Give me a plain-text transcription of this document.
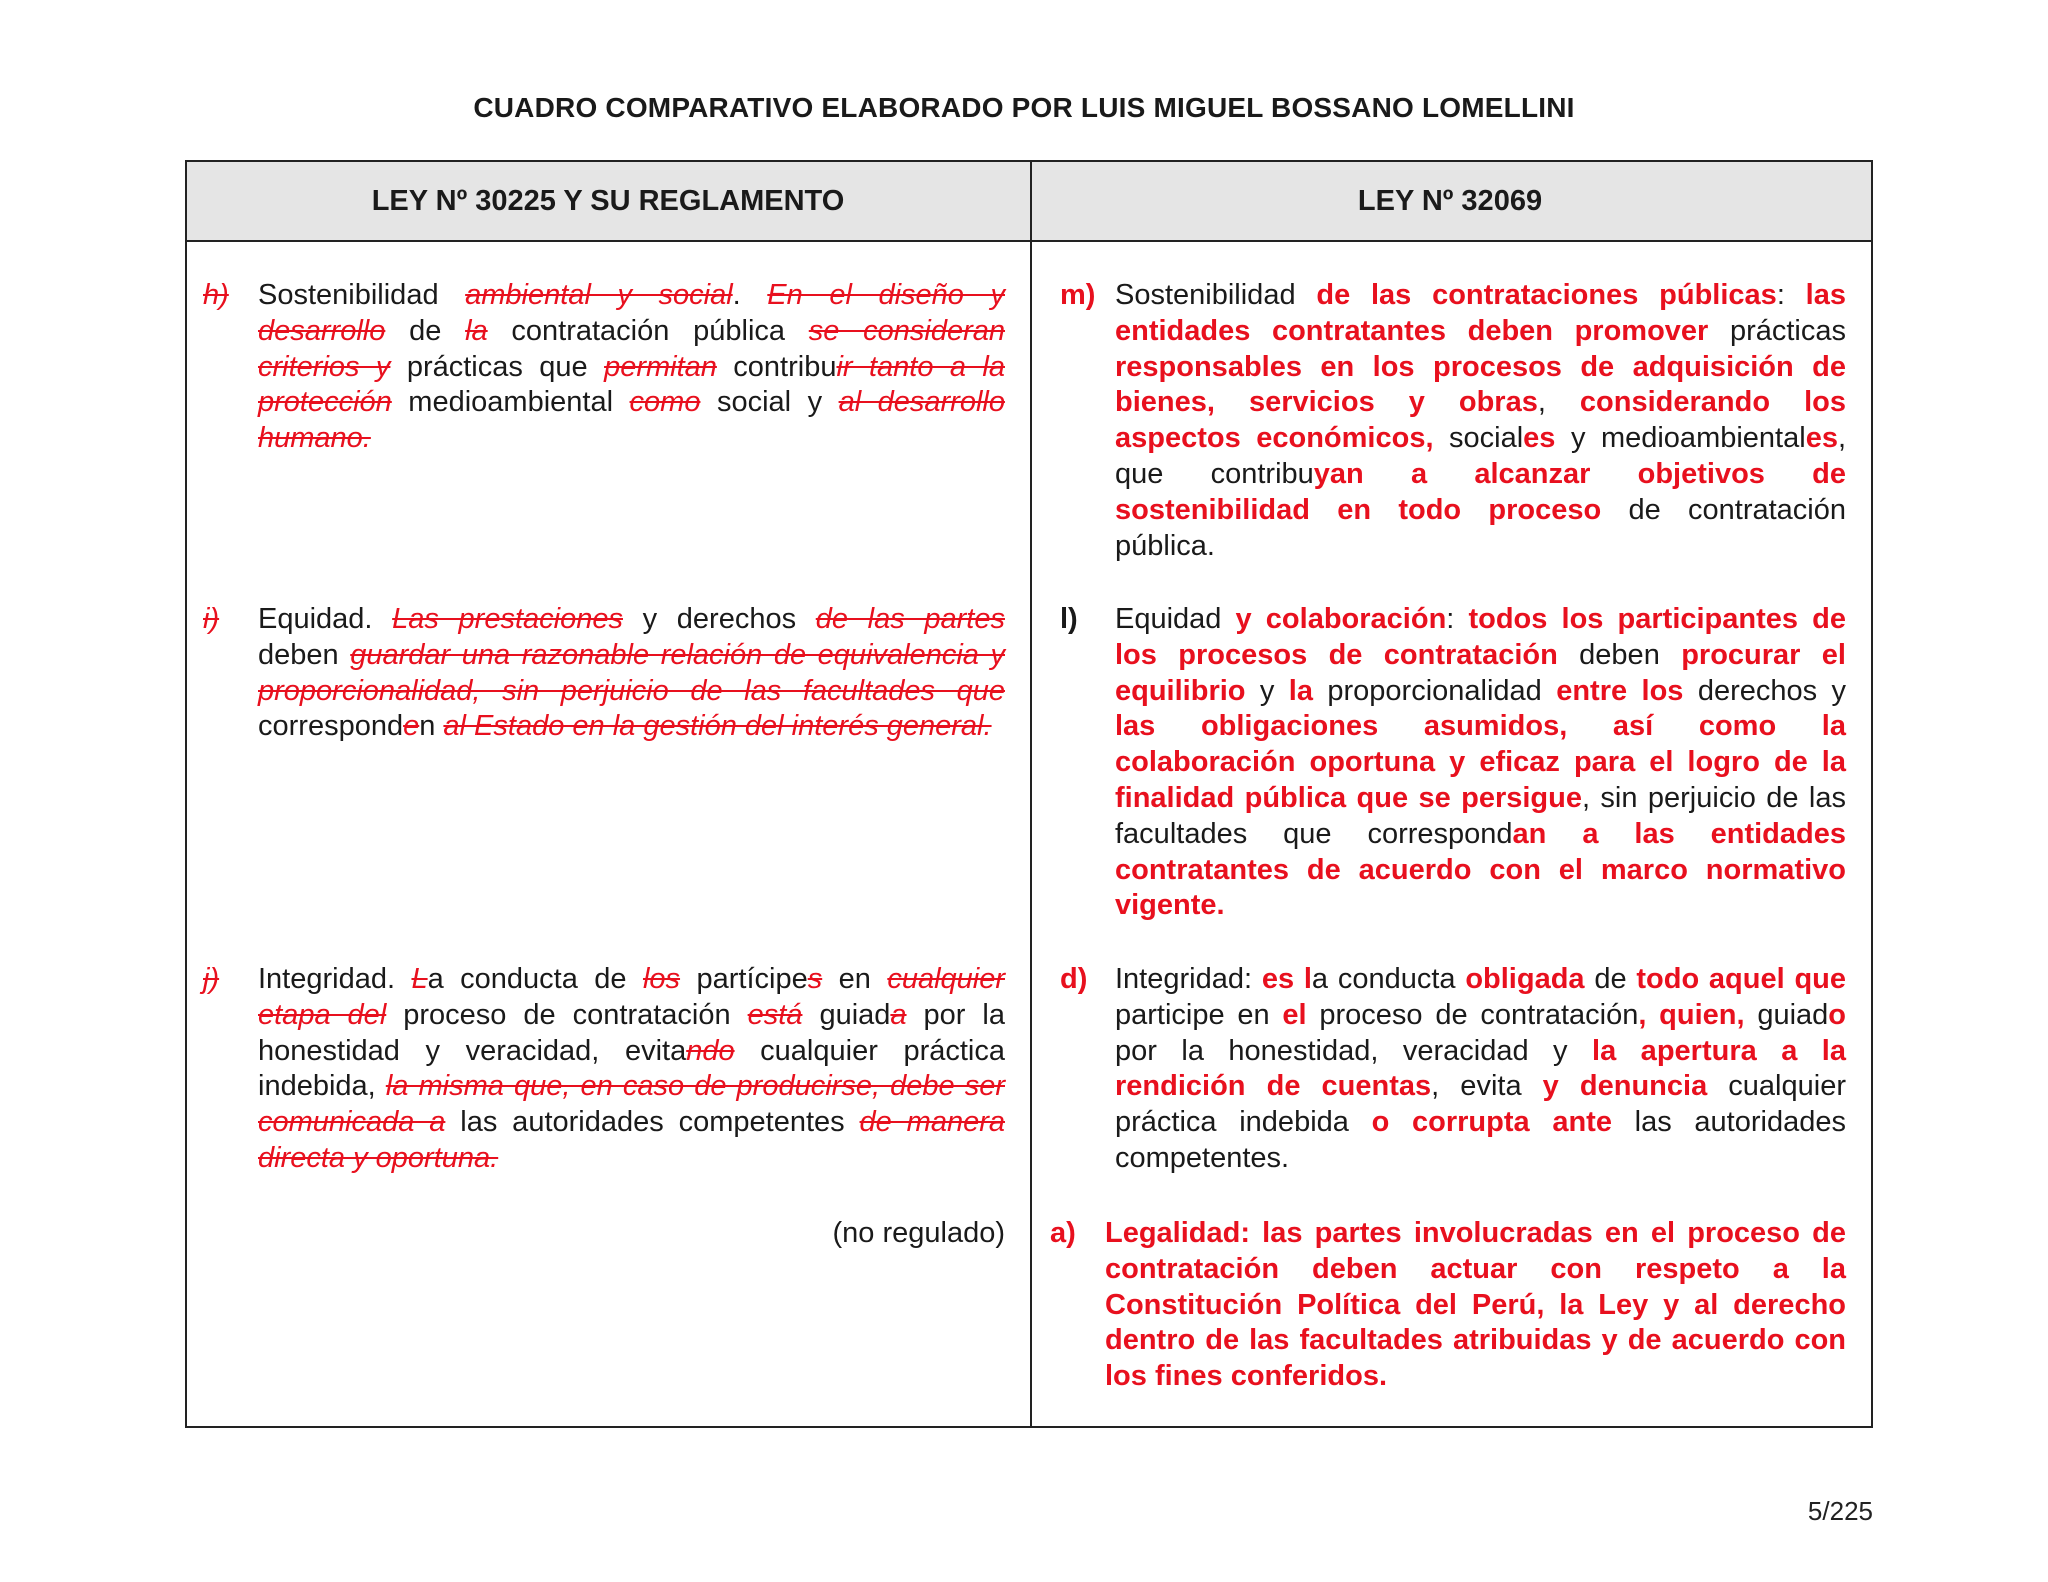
CUADRO COMPARATIVO ELABORADO POR LUIS MIGUEL BOSSANO LOMELLINI
LEY Nº 30225 Y SU REGLAMENTO	LEY Nº 32069
h) Sostenibilidad ambiental y social. En el diseño y desarrollo de la contratación pública se consideran criterios y prácticas que permitan contribuir tanto a la protección medioambiental como social y al desarrollo humano.
i) Equidad. Las prestaciones y derechos de las partes deben guardar una razonable relación de equivalencia y proporcionalidad, sin perjuicio de las facultades que corresponden al Estado en la gestión del interés general.
j) Integridad. La conducta de los partícipes en cualquier etapa del proceso de contratación está guiada por la honestidad y veracidad, evitando cualquier práctica indebida, la misma que, en caso de producirse, debe ser comunicada a las autoridades competentes de manera directa y oportuna.
(no regulado)
m) Sostenibilidad de las contrataciones públicas: las entidades contratantes deben promover prácticas responsables en los procesos de adquisición de bienes, servicios y obras, considerando los aspectos económicos, sociales y medioambientales, que contribuyan a alcanzar objetivos de sostenibilidad en todo proceso de contratación pública.
l) Equidad y colaboración: todos los participantes de los procesos de contratación deben procurar el equilibrio y la proporcionalidad entre los derechos y las obligaciones asumidos, así como la colaboración oportuna y eficaz para el logro de la finalidad pública que se persigue, sin perjuicio de las facultades que correspondan a las entidades contratantes de acuerdo con el marco normativo vigente.
d) Integridad: es la conducta obligada de todo aquel que participe en el proceso de contratación, quien, guiado por la honestidad, veracidad y la apertura a la rendición de cuentas, evita y denuncia cualquier práctica indebida o corrupta ante las autoridades competentes.
a) Legalidad: las partes involucradas en el proceso de contratación deben actuar con respeto a la Constitución Política del Perú, la Ley y al derecho dentro de las facultades atribuidas y de acuerdo con los fines conferidos.
5/225
